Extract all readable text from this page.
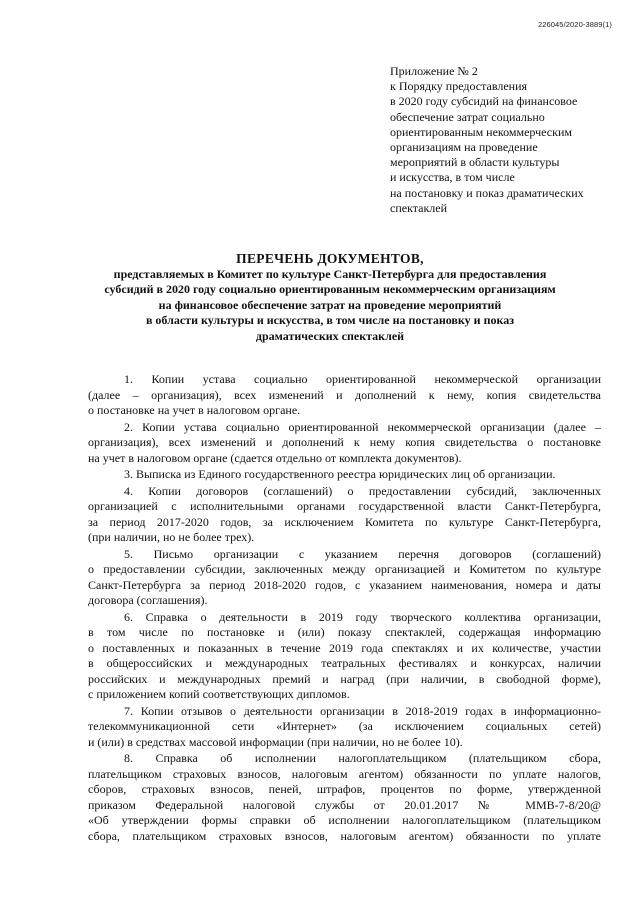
226045/2020-3889(1)
Приложение № 2
к Порядку предоставления
в 2020 году субсидий на финансовое
обеспечение затрат социально
ориентированным некоммерческим
организациям на проведение
мероприятий в области культуры
и искусства, в том числе
на постановку и показ драматических
спектаклей
ПЕРЕЧЕНЬ ДОКУМЕНТОВ,
представляемых в Комитет по культуре Санкт-Петербурга для предоставления
субсидий в 2020 году социально ориентированным некоммерческим организациям
на финансовое обеспечение затрат на проведение мероприятий
в области культуры и искусства, в том числе на постановку и показ
драматических спектаклей
1. Копии устава социально ориентированной некоммерческой организации
(далее – организация), всех изменений и дополнений к нему, копия свидетельства
о постановке на учет в налоговом органе.
2. Копии устава социально ориентированной некоммерческой организации (далее –
организация), всех изменений и дополнений к нему копия свидетельства о постановке
на учет в налоговом органе (сдается отдельно от комплекта документов).
3. Выписка из Единого государственного реестра юридических лиц об организации.
4. Копии договоров (соглашений) о предоставлении субсидий, заключенных
организацией с исполнительными органами государственной власти Санкт-Петербурга,
за период 2017-2020 годов, за исключением Комитета по культуре Санкт-Петербурга,
(при наличии, но не более трех).
5. Письмо организации с указанием перечня договоров (соглашений)
о предоставлении субсидии, заключенных между организацией и Комитетом по культуре
Санкт-Петербурга за период 2018-2020 годов, с указанием наименования, номера и даты
договора (соглашения).
6. Справка о деятельности в 2019 году творческого коллектива организации,
в том числе по постановке и (или) показу спектаклей, содержащая информацию
о поставленных и показанных в течение 2019 года спектаклях и их количестве, участии
в общероссийских и международных театральных фестивалях и конкурсах, наличии
российских и международных премий и наград (при наличии, в свободной форме),
с приложением копий соответствующих дипломов.
7. Копии отзывов о деятельности организации в 2018-2019 годах в информационно-
телекоммуникационной сети «Интернет» (за исключением социальных сетей)
и (или) в средствах массовой информации (при наличии, но не более 10).
8. Справка об исполнении налогоплательщиком (плательщиком сбора,
плательщиком страховых взносов, налоговым агентом) обязанности по уплате налогов,
сборов, страховых взносов, пеней, штрафов, процентов по форме, утвержденной
приказом Федеральной налоговой службы от 20.01.2017 № ММВ-7-8/20@
«Об утверждении формы справки об исполнении налогоплательщиком (плательщиком
сбора, плательщиком страховых взносов, налоговым агентом) обязанности по уплате
